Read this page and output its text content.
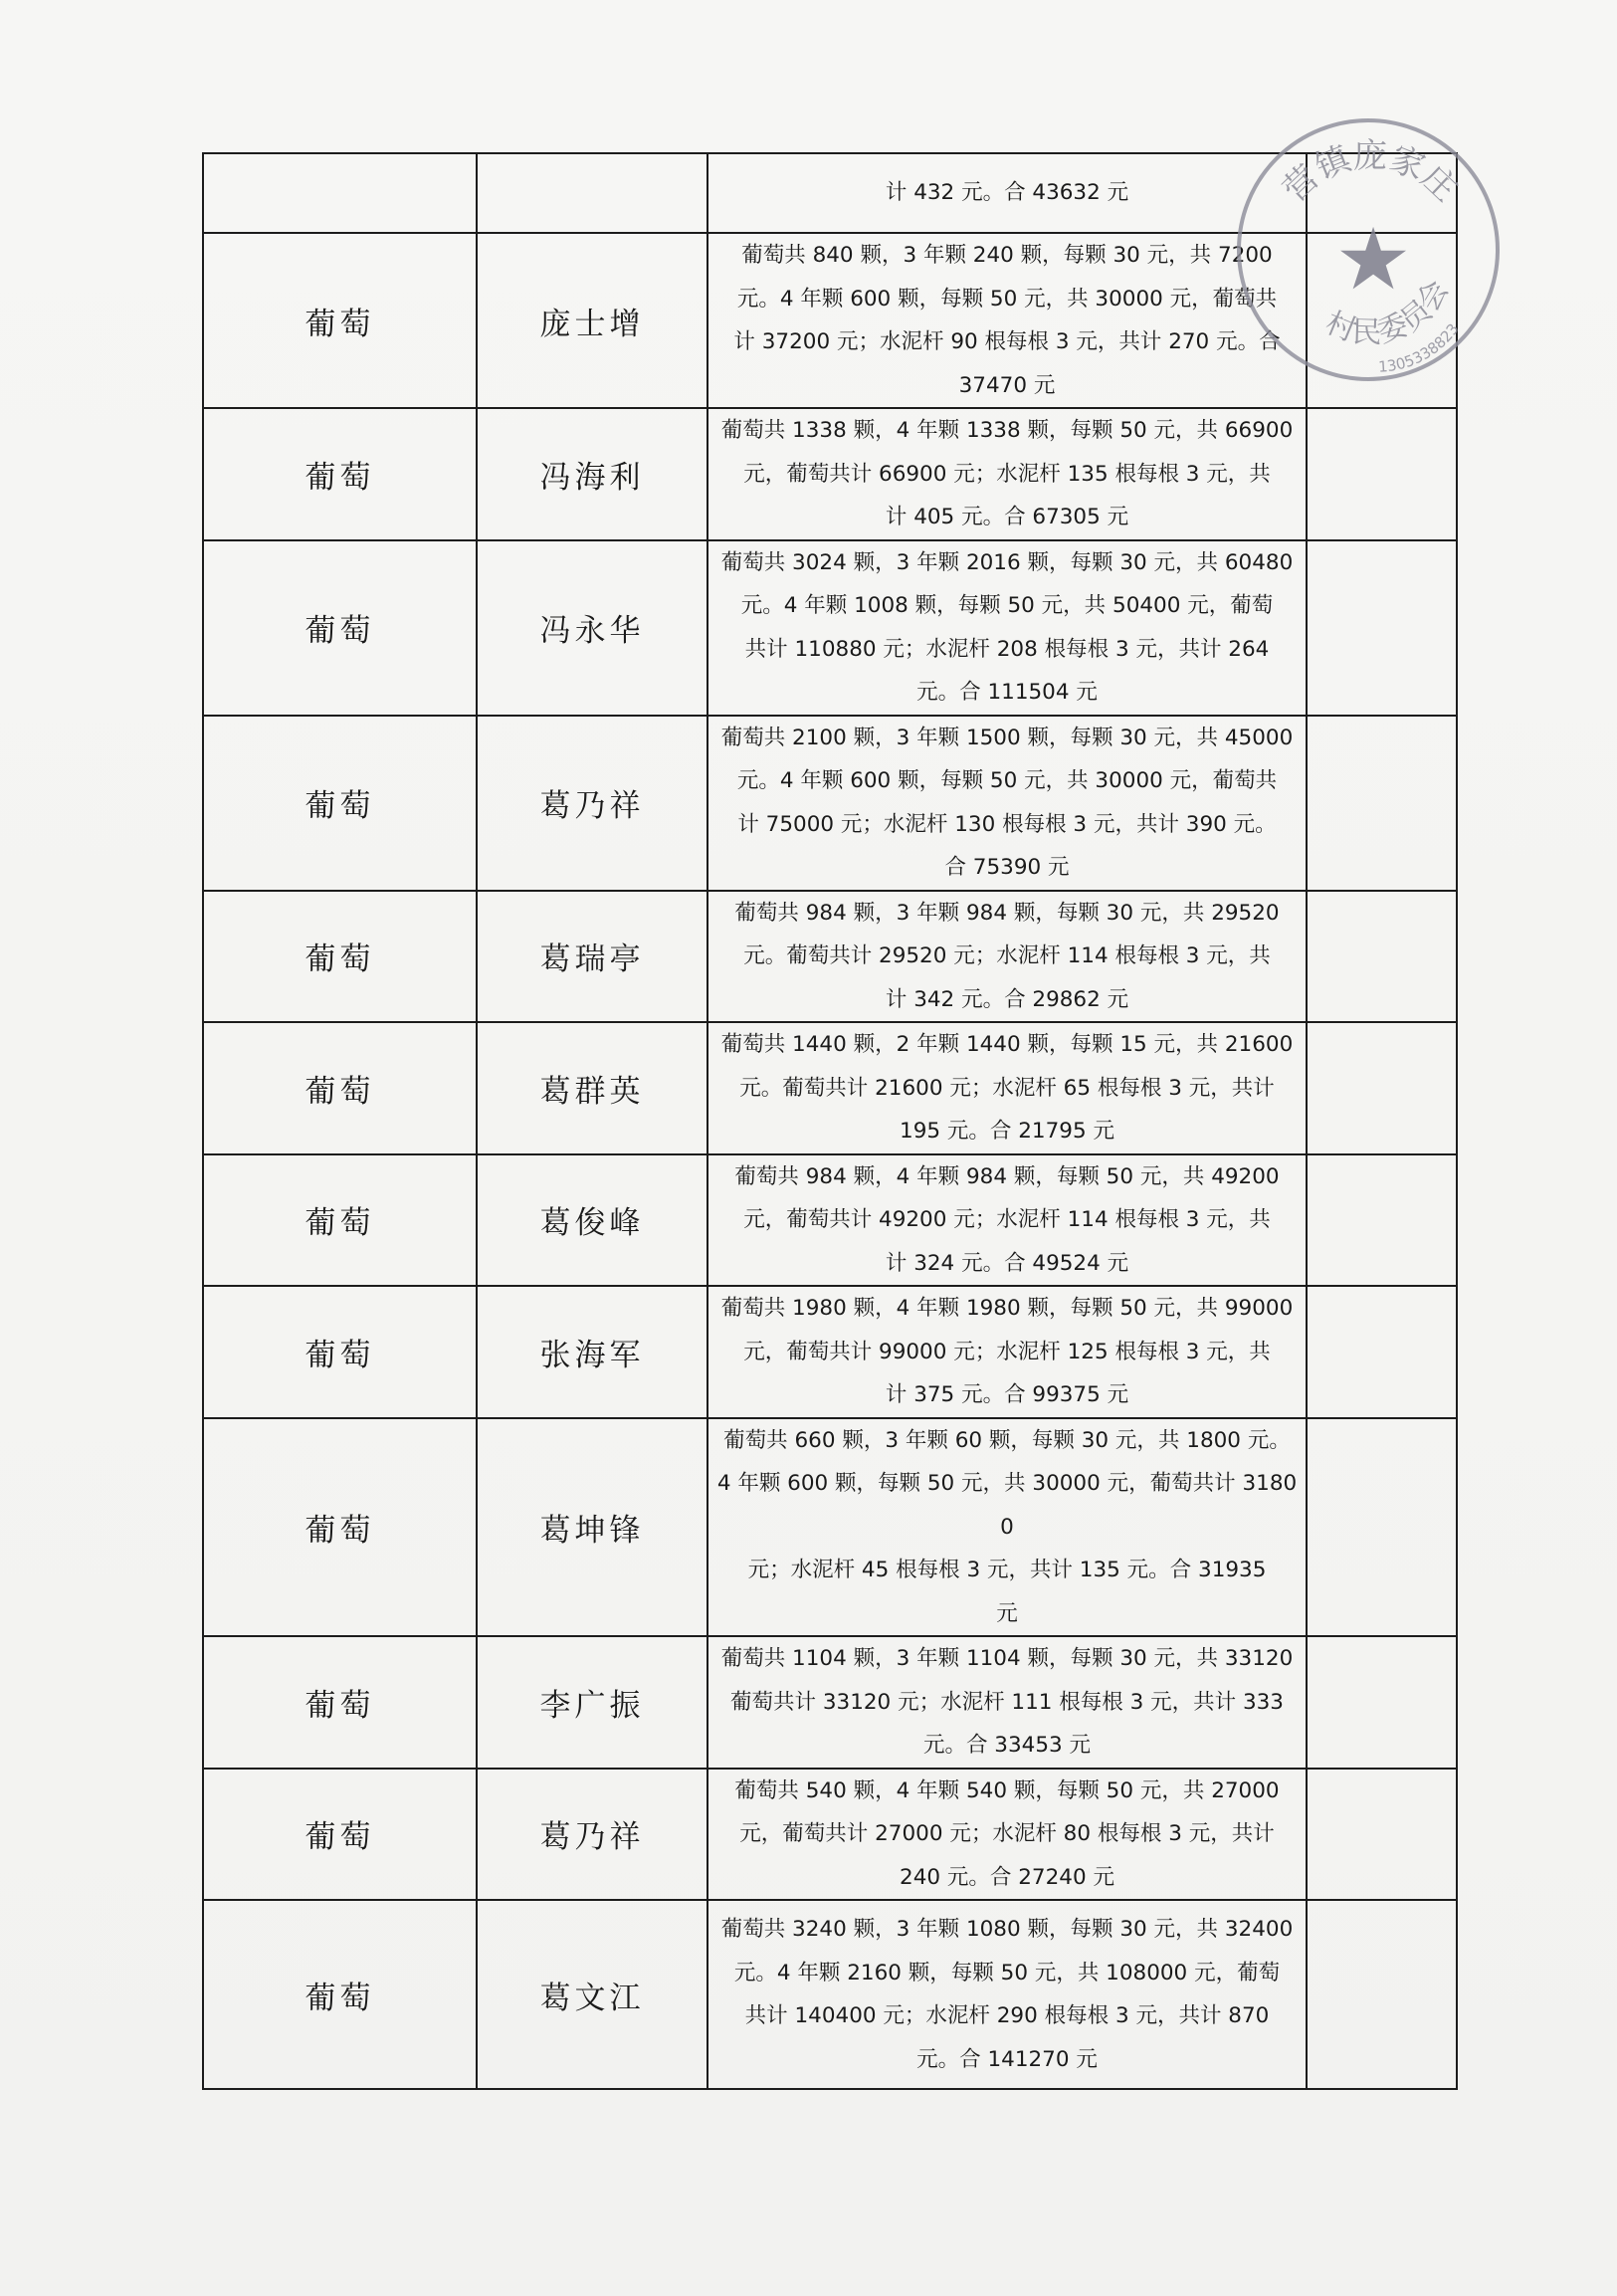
		计 432 元。合 43632 元	

葡萄	庞士增	葡萄共 840 颗，3 年颗 240 颗，每颗 30 元，共 7200
元。4 年颗 600 颗，每颗 50 元，共 30000 元，葡萄共
计 37200 元；水泥杆 90 根每根 3 元，共计 270 元。合
37470 元	

葡萄	冯海利	葡萄共 1338 颗，4 年颗 1338 颗，每颗 50 元，共 66900
元，葡萄共计 66900 元；水泥杆 135 根每根 3 元，共
计 405 元。合 67305 元	

葡萄	冯永华	葡萄共 3024 颗，3 年颗 2016 颗，每颗 30 元，共 60480
元。4 年颗 1008 颗，每颗 50 元，共 50400 元，葡萄
共计 110880 元；水泥杆 208 根每根 3 元，共计 264
元。合 111504 元	

葡萄	葛乃祥	葡萄共 2100 颗，3 年颗 1500 颗，每颗 30 元，共 45000
元。4 年颗 600 颗，每颗 50 元，共 30000 元，葡萄共
计 75000 元；水泥杆 130 根每根 3 元，共计 390 元。
合 75390 元	

葡萄	葛瑞亭	葡萄共 984 颗，3 年颗 984 颗，每颗 30 元，共 29520
元。葡萄共计 29520 元；水泥杆 114 根每根 3 元，共
计 342 元。合 29862 元	

葡萄	葛群英	葡萄共 1440 颗，2 年颗 1440 颗，每颗 15 元，共 21600
元。葡萄共计 21600 元；水泥杆 65 根每根 3 元，共计
195 元。合 21795 元	

葡萄	葛俊峰	葡萄共 984 颗，4 年颗 984 颗，每颗 50 元，共 49200
元，葡萄共计 49200 元；水泥杆 114 根每根 3 元，共
计 324 元。合 49524 元	

葡萄	张海军	葡萄共 1980 颗，4 年颗 1980 颗，每颗 50 元，共 99000
元，葡萄共计 99000 元；水泥杆 125 根每根 3 元，共
计 375 元。合 99375 元	

葡萄	葛坤锋	葡萄共 660 颗，3 年颗 60 颗，每颗 30 元，共 1800 元。
4 年颗 600 颗，每颗 50 元，共 30000 元，葡萄共计 31800
元；水泥杆 45 根每根 3 元，共计 135 元。合 31935
元	

葡萄	李广振	葡萄共 1104 颗，3 年颗 1104 颗，每颗 30 元，共 33120
葡萄共计 33120 元；水泥杆 111 根每根 3 元，共计 333
元。合 33453 元	

葡萄	葛乃祥	葡萄共 540 颗，4 年颗 540 颗，每颗 50 元，共 27000
元，葡萄共计 27000 元；水泥杆 80 根每根 3 元，共计
240 元。合 27240 元	

葡萄	葛文江	葡萄共 3240 颗，3 年颗 1080 颗，每颗 30 元，共 32400
元。4 年颗 2160 颗，每颗 50 元，共 108000 元，葡萄
共计 140400 元；水泥杆 290 根每根 3 元，共计 870
元。合 141270 元	

营镇庞家庄
★
村民委员会
1305338823
